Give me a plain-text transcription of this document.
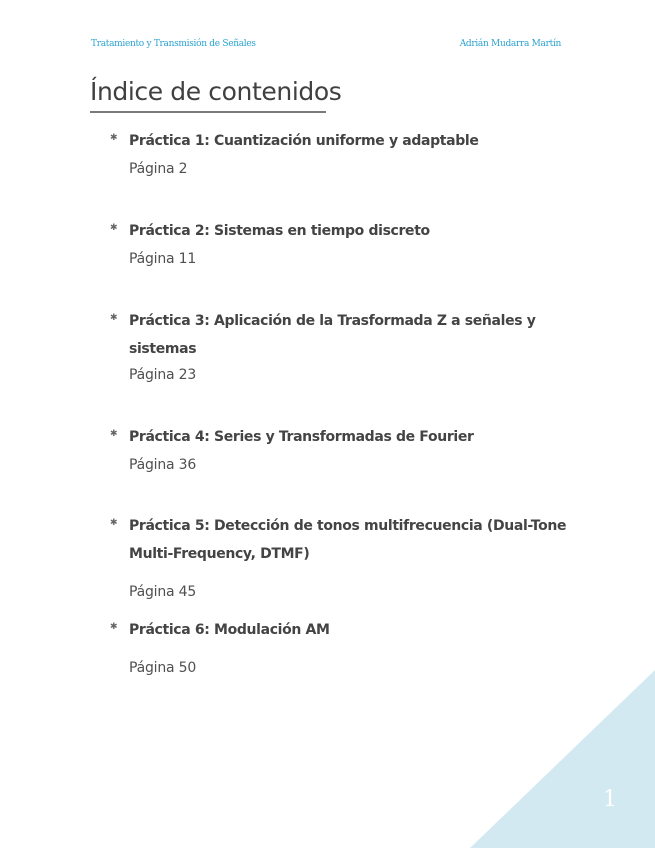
Tratamiento y Transmisión de Señales	Adrián Mudarra Martín
Índice de contenidos
✱ Práctica 1: Cuantización uniforme y adaptable
Página 2
✱ Práctica 2: Sistemas en tiempo discreto
Página 11
✱ Práctica 3: Aplicación de la Trasformada Z a señales y sistemas
Página 23
✱ Práctica 4: Series y Transformadas de Fourier
Página 36
✱ Práctica 5: Detección de tonos multifrecuencia (Dual-Tone Multi-Frequency, DTMF)
Página 45
✱ Práctica 6: Modulación AM
Página 50
1
